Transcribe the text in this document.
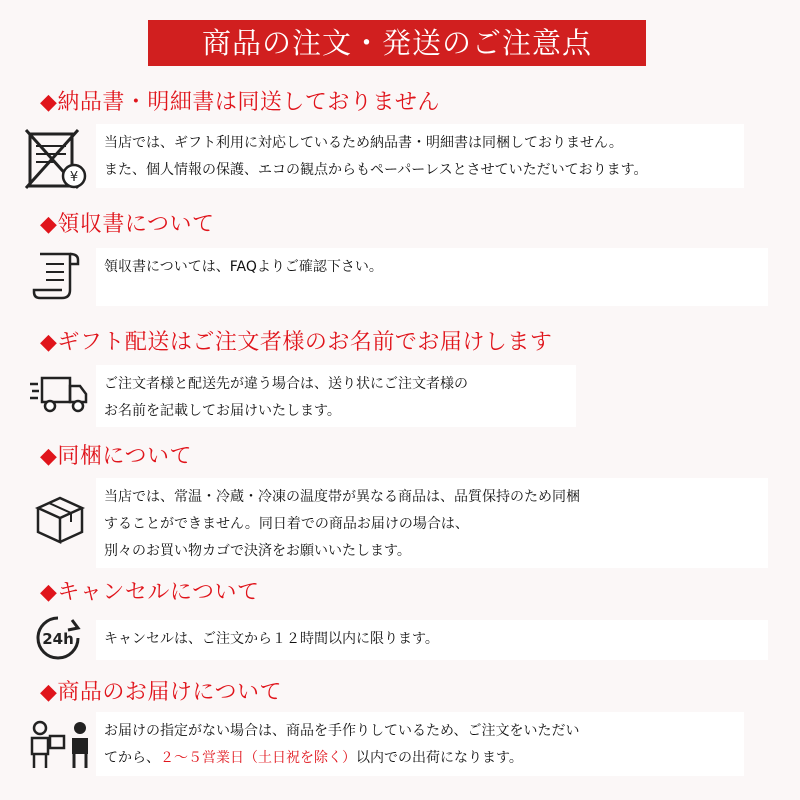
商品の注文・発送のご注意点
◆納品書・明細書は同送しておりません
¥
当店では、ギフト利用に対応しているため納品書・明細書は同梱しておりません。
また、個人情報の保護、エコの観点からもペーパーレスとさせていただいております。
◆領収書について
領収書については、FAQよりご確認下さい。
◆ギフト配送はご注文者様のお名前でお届けします
ご注文者様と配送先が違う場合は、送り状にご注文者様の
お名前を記載してお届けいたします。
◆同梱について
当店では、常温・冷蔵・冷凍の温度帯が異なる商品は、品質保持のため同梱
することができません。同日着での商品お届けの場合は、
別々のお買い物カゴで決済をお願いいたします。
◆キャンセルについて
24h キャンセルは、ご注文から１２時間以内に限ります。
◆商品のお届けについて
お届けの指定がない場合は、商品を手作りしているため、ご注文をいただい
てから、２～５営業日（土日祝を除く）以内での出荷になります。
